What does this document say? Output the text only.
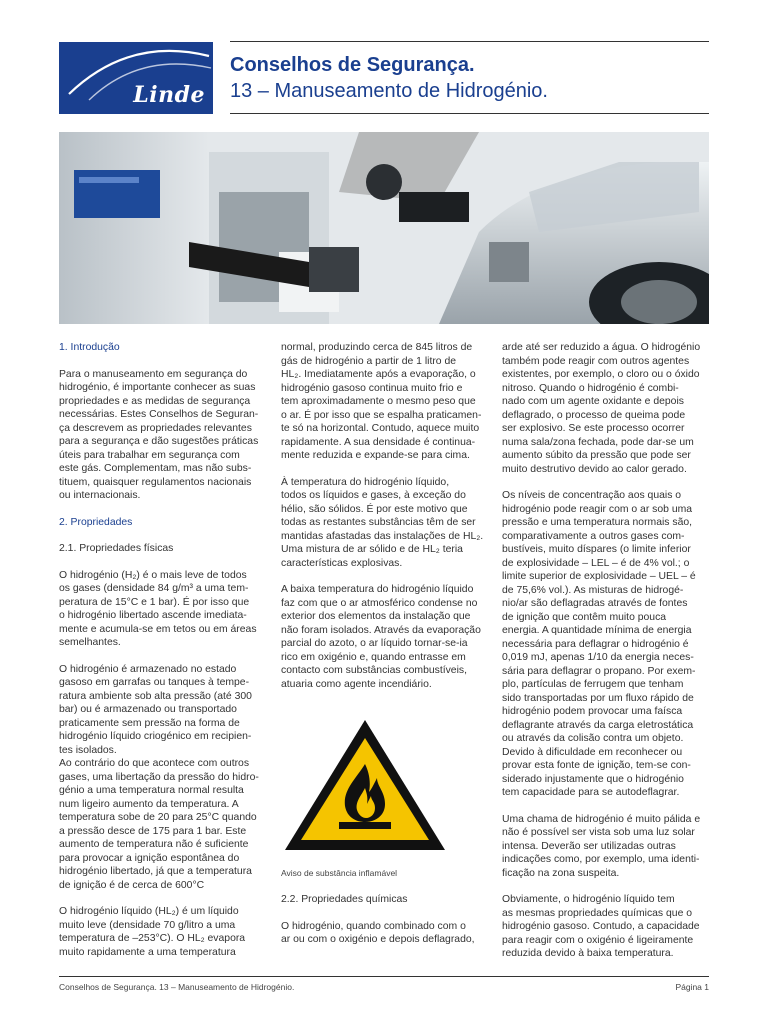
Linde
Conselhos de Segurança.
13 – Manuseamento de Hidrogénio.

1. Introdução

Para o manuseamento em segurança do
hidrogénio, é importante conhecer as suas
propriedades e as medidas de segurança
necessárias. Estes Conselhos de Seguran-
ça descrevem as propriedades relevantes
para a segurança e dão sugestões práticas
úteis para trabalhar em segurança com
este gás. Complementam, mas não subs-
tituem, quaisquer regulamentos nacionais
ou internacionais.

2. Propriedades

2.1. Propriedades físicas

O hidrogénio (H₂) é o mais leve de todos
os gases (densidade 84 g/m³ a uma tem-
peratura de 15°C e 1 bar). É por isso que
o hidrogénio libertado ascende imediata-
mente e acumula-se em tetos ou em áreas
semelhantes.

O hidrogénio é armazenado no estado
gasoso em garrafas ou tanques à tempe-
ratura ambiente sob alta pressão (até 300
bar) ou é armazenado ou transportado
praticamente sem pressão na forma de
hidrogénio líquido criogénico em recipien-
tes isolados.
Ao contrário do que acontece com outros
gases, uma libertação da pressão do hidro-
génio a uma temperatura normal resulta
num ligeiro aumento da temperatura. A
temperatura sobe de 20 para 25°C quando
a pressão desce de 175 para 1 bar. Este
aumento de temperatura não é suficiente
para provocar a ignição espontânea do
hidrogénio libertado, já que a temperatura
de ignição é de cerca de 600°C

O hidrogénio líquido (HL₂) é um líquido
muito leve (densidade 70 g/litro a uma
temperatura de –253°C). O HL₂ evapora
muito rapidamente a uma temperatura

normal, produzindo cerca de 845 litros de
gás de hidrogénio a partir de 1 litro de
HL₂. Imediatamente após a evaporação, o
hidrogénio gasoso continua muito frio e
tem aproximadamente o mesmo peso que
o ar. É por isso que se espalha praticamen-
te só na horizontal. Contudo, aquece muito
rapidamente. A sua densidade é continua-
mente reduzida e expande-se para cima.

À temperatura do hidrogénio líquido,
todos os líquidos e gases, à exceção do
hélio, são sólidos. É por este motivo que
todas as restantes substâncias têm de ser
mantidas afastadas das instalações de HL₂.
Uma mistura de ar sólido e de HL₂ teria
características explosivas.

A baixa temperatura do hidrogénio líquido
faz com que o ar atmosférico condense no
exterior dos elementos da instalação que
não foram isolados. Através da evaporação
parcial do azoto, o ar líquido tornar-se-ia
rico em oxigénio e, quando entrasse em
contacto com substâncias combustíveis,
atuaria como agente incendiário.

Aviso de substância inflamável

2.2. Propriedades químicas

O hidrogénio, quando combinado com o
ar ou com o oxigénio e depois deflagrado,

arde até ser reduzido a água. O hidrogénio
também pode reagir com outros agentes
existentes, por exemplo, o cloro ou o óxido
nitroso. Quando o hidrogénio é combi-
nado com um agente oxidante e depois
deflagrado, o processo de queima pode
ser explosivo. Se este processo ocorrer
numa sala/zona fechada, pode dar-se um
aumento súbito da pressão que pode ser
muito destrutivo devido ao calor gerado.

Os níveis de concentração aos quais o
hidrogénio pode reagir com o ar sob uma
pressão e uma temperatura normais são,
comparativamente a outros gases com-
bustíveis, muito díspares (o limite inferior
de explosividade – LEL – é de 4% vol.; o
limite superior de explosividade – UEL – é
de 75,6% vol.). As misturas de hidrogé-
nio/ar são deflagradas através de fontes
de ignição que contêm muito pouca
energia. A quantidade mínima de energia
necessária para deflagrar o hidrogénio é
0,019 mJ, apenas 1/10 da energia neces-
sária para deflagrar o propano. Por exem-
plo, partículas de ferrugem que tenham
sido transportadas por um fluxo rápido de
hidrogénio podem provocar uma faísca
deflagrante através da carga eletrostática
ou através da colisão contra um objeto.
Devido à dificuldade em reconhecer ou
provar esta fonte de ignição, tem-se con-
siderado injustamente que o hidrogénio
tem capacidade para se autodeflagrar.

Uma chama de hidrogénio é muito pálida e
não é possível ser vista sob uma luz solar
intensa. Deverão ser utilizadas outras
indicações como, por exemplo, uma identi-
ficação na zona suspeita.

Obviamente, o hidrogénio líquido tem
as mesmas propriedades químicas que o
hidrogénio gasoso. Contudo, a capacidade
para reagir com o oxigénio é ligeiramente
reduzida devido à baixa temperatura.

Conselhos de Segurança. 13 – Manuseamento de Hidrogénio.	Página 1
